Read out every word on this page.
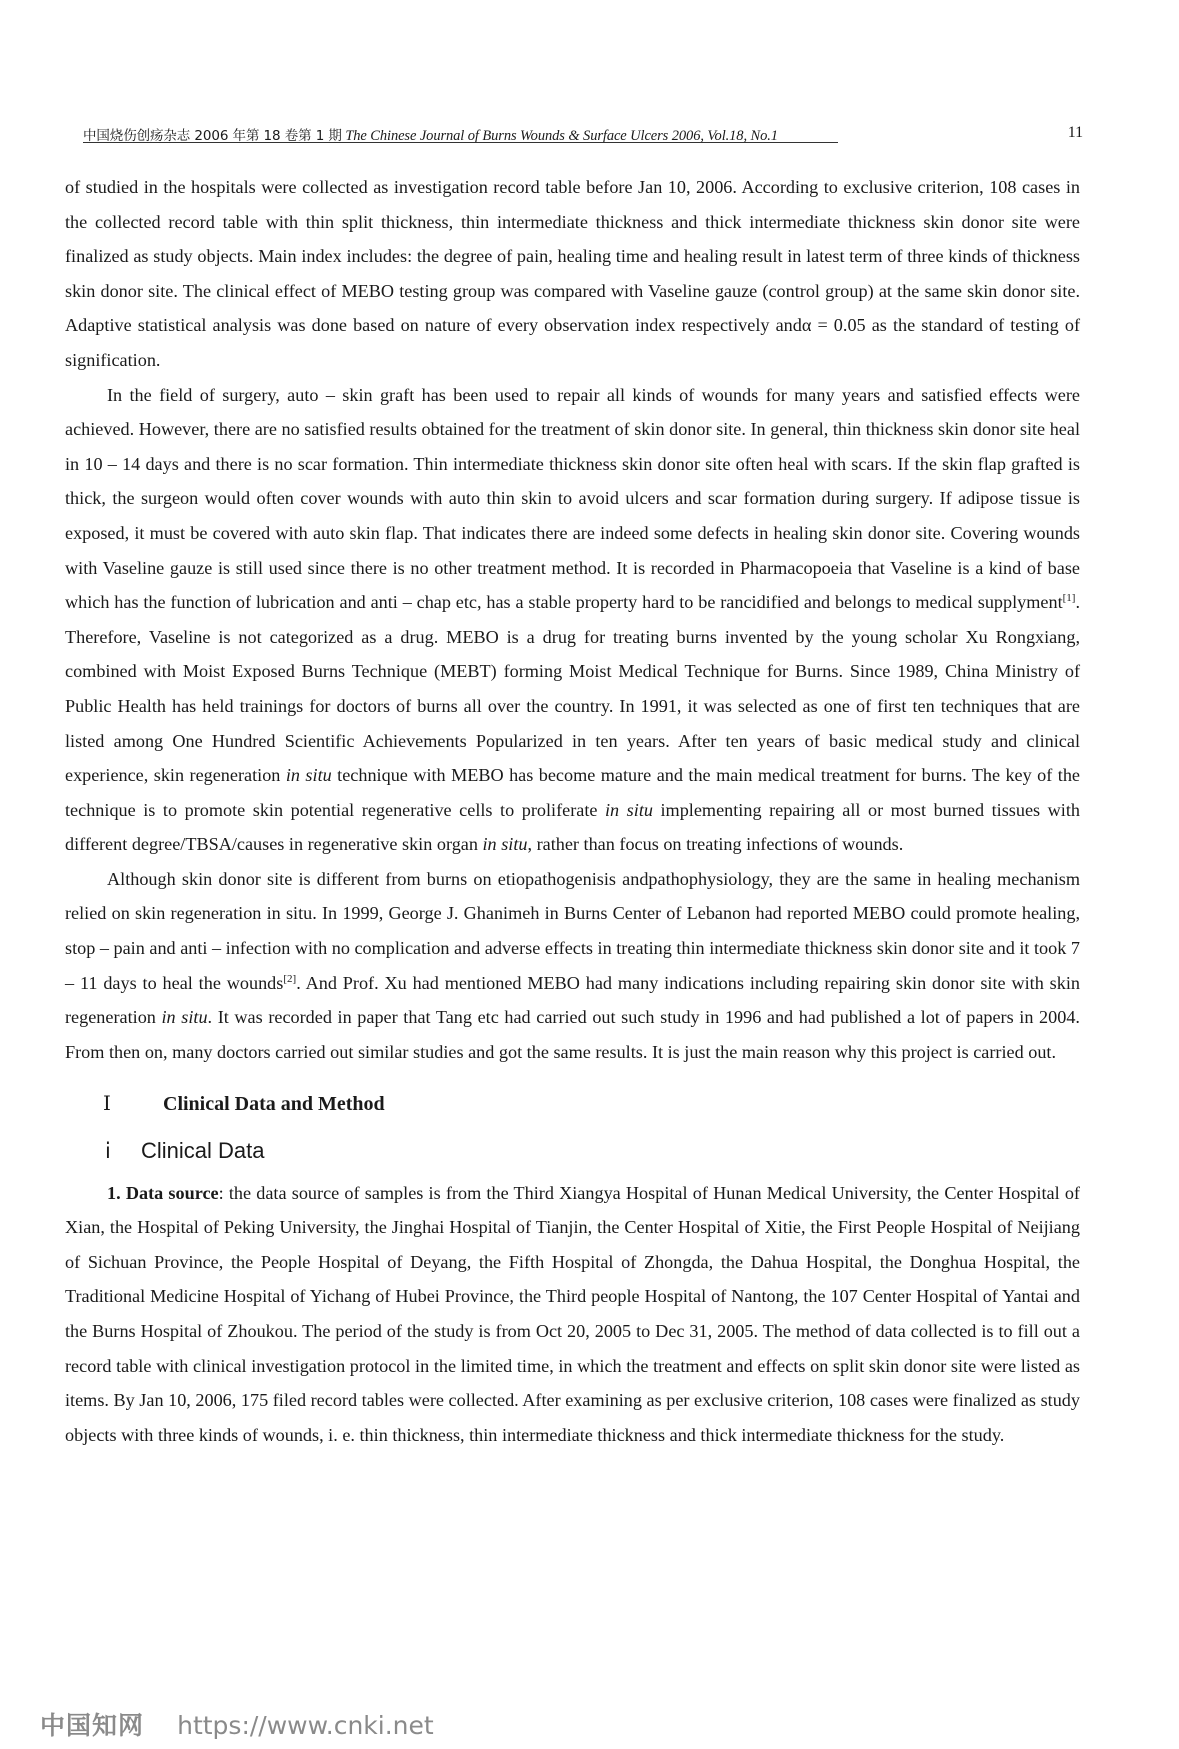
中国烧伤创疡杂志 2006 年第 18 卷第 1 期 The Chinese Journal of Burns Wounds & Surface Ulcers 2006, Vol.18, No.1	11

of studied in the hospitals were collected as investigation record table before Jan 10, 2006. According to exclusive criterion, 108 cases in the collected record table with thin split thickness, thin intermediate thickness and thick intermediate thickness skin donor site were finalized as study objects. Main index includes: the degree of pain, healing time and healing result in latest term of three kinds of thickness skin donor site. The clinical effect of MEBO testing group was compared with Vaseline gauze (control group) at the same skin donor site. Adaptive statistical analysis was done based on nature of every observation index respectively andα = 0.05 as the standard of testing of signification.

In the field of surgery, auto – skin graft has been used to repair all kinds of wounds for many years and satisfied effects were achieved. However, there are no satisfied results obtained for the treatment of skin donor site. In general, thin thickness skin donor site heal in 10 – 14 days and there is no scar formation. Thin intermediate thickness skin donor site often heal with scars. If the skin flap grafted is thick, the surgeon would often cover wounds with auto thin skin to avoid ulcers and scar formation during surgery. If adipose tissue is exposed, it must be covered with auto skin flap. That indicates there are indeed some defects in healing skin donor site. Covering wounds with Vaseline gauze is still used since there is no other treatment method. It is recorded in Pharmacopoeia that Vaseline is a kind of base which has the function of lubrication and anti – chap etc, has a stable property hard to be rancidified and belongs to medical supplyment[1]. Therefore, Vaseline is not categorized as a drug. MEBO is a drug for treating burns invented by the young scholar Xu Rongxiang, combined with Moist Exposed Burns Technique (MEBT) forming Moist Medical Technique for Burns. Since 1989, China Ministry of Public Health has held trainings for doctors of burns all over the country. In 1991, it was selected as one of first ten techniques that are listed among One Hundred Scientific Achievements Popularized in ten years. After ten years of basic medical study and clinical experience, skin regeneration in situ technique with MEBO has become mature and the main medical treatment for burns. The key of the technique is to promote skin potential regenerative cells to proliferate in situ implementing repairing all or most burned tissues with different degree/TBSA/causes in regenerative skin organ in situ, rather than focus on treating infections of wounds.

Although skin donor site is different from burns on etiopathogenisis andpathophysiology, they are the same in healing mechanism relied on skin regeneration in situ. In 1999, George J. Ghanimeh in Burns Center of Lebanon had reported MEBO could promote healing, stop – pain and anti – infection with no complication and adverse effects in treating thin intermediate thickness skin donor site and it took 7 – 11 days to heal the wounds[2]. And Prof. Xu had mentioned MEBO had many indications including repairing skin donor site with skin regeneration in situ. It was recorded in paper that Tang etc had carried out such study in 1996 and had published a lot of papers in 2004. From then on, many doctors carried out similar studies and got the same results. It is just the main reason why this project is carried out.

Ⅰ	Clinical Data and Method
ⅰ	Clinical Data

1. Data source: the data source of samples is from the Third Xiangya Hospital of Hunan Medical University, the Center Hospital of Xian, the Hospital of Peking University, the Jinghai Hospital of Tianjin, the Center Hospital of Xitie, the First People Hospital of Neijiang of Sichuan Province, the People Hospital of Deyang, the Fifth Hospital of Zhongda, the Dahua Hospital, the Donghua Hospital, the Traditional Medicine Hospital of Yichang of Hubei Province, the Third people Hospital of Nantong, the 107 Center Hospital of Yantai and the Burns Hospital of Zhoukou. The period of the study is from Oct 20, 2005 to Dec 31, 2005. The method of data collected is to fill out a record table with clinical investigation protocol in the limited time, in which the treatment and effects on split skin donor site were listed as items. By Jan 10, 2006, 175 filed record tables were collected. After examining as per exclusive criterion, 108 cases were finalized as study objects with three kinds of wounds, i. e. thin thickness, thin intermediate thickness and thick intermediate thickness for the study.

中国知网 https://www.cnki.net
